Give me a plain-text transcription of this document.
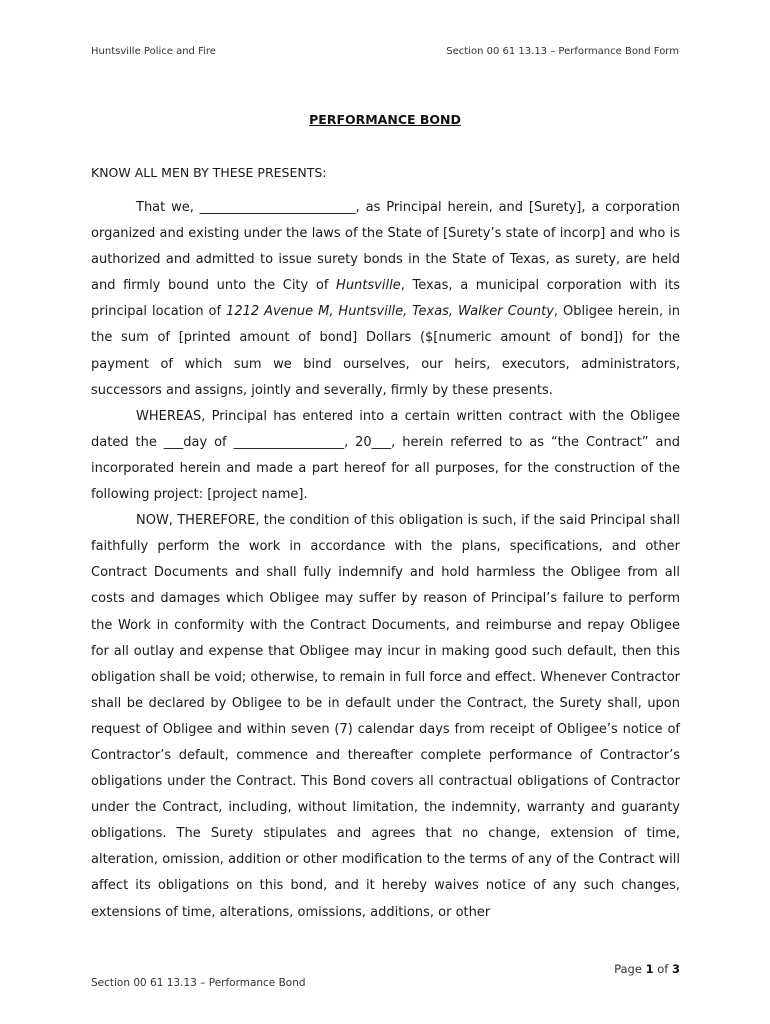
Huntsville Police and Fire	Section 00 61 13.13 – Performance Bond Form
PERFORMANCE BOND
KNOW ALL MEN BY THESE PRESENTS:

That we, ________________________, as Principal herein, and [Surety], a corporation organized and existing under the laws of the State of [Surety’s state of incorp] and who is authorized and admitted to issue surety bonds in the State of Texas, as surety, are held and firmly bound unto the City of Huntsville, Texas, a municipal corporation with its principal location of 1212 Avenue M, Huntsville, Texas, Walker County, Obligee herein, in the sum of [printed amount of bond] Dollars ($[numeric amount of bond]) for the payment of which sum we bind ourselves, our heirs, executors, administrators, successors and assigns, jointly and severally, firmly by these presents.

WHEREAS, Principal has entered into a certain written contract with the Obligee dated the ___day of _________________, 20___, herein referred to as “the Contract” and incorporated herein and made a part hereof for all purposes, for the construction of the following project: [project name].

NOW, THEREFORE, the condition of this obligation is such, if the said Principal shall faithfully perform the work in accordance with the plans, specifications, and other Contract Documents and shall fully indemnify and hold harmless the Obligee from all costs and damages which Obligee may suffer by reason of Principal’s failure to perform the Work in conformity with the Contract Documents, and reimburse and repay Obligee for all outlay and expense that Obligee may incur in making good such default, then this obligation shall be void; otherwise, to remain in full force and effect. Whenever Contractor shall be declared by Obligee to be in default under the Contract, the Surety shall, upon request of Obligee and within seven (7) calendar days from receipt of Obligee’s notice of Contractor’s default, commence and thereafter complete performance of Contractor’s obligations under the Contract. This Bond covers all contractual obligations of Contractor under the Contract, including, without limitation, the indemnity, warranty and guaranty obligations. The Surety stipulates and agrees that no change, extension of time, alteration, omission, addition or other modification to the terms of any of the Contract will affect its obligations on this bond, and it hereby waives notice of any such changes, extensions of time, alterations, omissions, additions, or other

Page 1 of 3
Section 00 61 13.13 – Performance Bond
